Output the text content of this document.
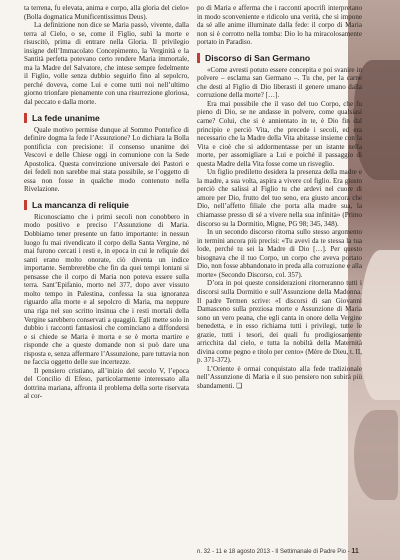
ta terrena, fu elevata, anima e corpo, alla gloria del cielo» (Bolla dogmatica Munificentissimus Deus).

La definizione non dice se Maria passò, vivente, dalla terra al Cielo, o se, come il Figlio, subì la morte e risuscitò, prima di entrare nella Gloria. Il privilegio insigne dell’Immacolato Concepimento, la Verginità e la Santità perfetta potevano certo rendere Maria immortale, ma la Madre del Salvatore, che intese sempre fedelmente il Figlio, volle senza dubbio seguirlo fino al sepolcro, perché doveva, come Lui e come tutti noi nell’ultimo giorno trionfare pienamente con una risurrezione gloriosa, dal peccato e dalla morte.

La fede unanime

Quale motivo permise dunque al Sommo Pontefice di definire dogma la fede l’Assunzione? Lo dichiara la Bolla pontificia con precisione: il consenso unanime dei Vescovi e delle Chiese oggi in comunione con la Sede Apostolica. Questa convinzione universale dei Pastori e dei fedeli non sarebbe mai stata possibile, se l’oggetto di essa non fosse in qualche modo contenuto nella Rivelazione.

La mancanza di reliquie

Riconosciamo che i primi secoli non conobbero in modo positivo e preciso l’Assunzione di Maria. Dobbiamo tener presente un fatto importante: in nessun luogo fu mai rivendicato il corpo della Santa Vergine, né mai furono cercati i resti e, in epoca in cui le reliquie dei santi erano molto onorate, ciò diventa un indice importante. Sembrerebbe che fin da quei tempi lontani si pensasse che il corpo di Maria non poteva essere sulla terra. Sant’Epifanio, morto nel 377, dopo aver vissuto molto tempo in Palestina, confessa la sua ignoranza riguardo alla morte e al sepolcro di Maria, ma neppure una riga nel suo scritto insinua che i resti mortali della Vergine sarebbero conservati a quaggiù. Egli mette solo in dubbio i racconti fantasiosi che cominciano a diffondersi e si chiede se Maria è morta e se è morta martire e risponde che a queste domande non si può dare una risposta e, senza affermare l’Assunzione, pare tuttavia non ne faccia oggetto delle sue incertezze.

Il pensiero cristiano, all’inizio del secolo V, l’epoca del Concilio di Efeso, particolarmente interessato alla dottrina mariana, affronta il problema della sorte riservata al cor-

po di Maria e afferma che i racconti apocrifi interpretano in modo sconveniente e ridicolo una verità, che si impone da sé alle anime illuminate dalla fede: il corpo di Maria non si è corrotto nella tomba: Dio lo ha miracolosamente portato in Paradiso.

Discorso di San Germano

«Come avresti potuto essere concepita e poi svanire in polvere – esclama san Germano –. Tu che, per la carne che desti al Figlio di Dio liberasti il genere umano dalla corruzione della morte? […].

Era mai possibile che il vaso del tuo Corpo, che fu pieno di Dio, se ne andasse in polvere, come qualsiasi carne? Colui, che si è annientato in te, è Dio fin dal principio e perciò Vita, che precede i secoli, ed era necessario che la Madre della Vita abitasse insieme con la Vita e cioè che si addormentasse per un istante nella morte, per assomigliare a Lui e poiché il passaggio di questa Madre della Vita fosse come un risveglio.

Un figlio prediletto desidera la presenza della madre e la madre, a sua volta, aspira a vivere col figlio. Era giusto perciò che salissi al Figlio tu che ardevi nel cuore di amore per Dio, frutto del tuo seno, era giusto ancora che Dio, nell’affetto filiale che porta alla madre sua, la chiamasse presso di sé a vivere nella sua infinità» (Primo discorso su la Dormitio, Migne, PG 98; 345, 348).

In un secondo discorso ritorna sullo stesso argomento in termini ancora più precisi: «Tu avevi da te stessa la tua lode, perché tu sei la Madre di Dio […]. Per questo bisognava che il tuo Corpo, un corpo che aveva portato Dio, non fosse abbandonato in preda alla corruzione e alla morte» (Secondo Discorso, col. 357).

D’ora in poi queste considerazioni ritorneranno tutti i discorsi sulla Dormitio e sull’Assunzione della Madonna. Il padre Termen scrive: «I discorsi di san Giovanni Damasceno sulla preziosa morte e Assunzione di Maria sono un vero peana, che egli canta in onore della Vergine benedetta, e in esso richiama tutti i privilegi, tutte le grazie, tutti i tesori, dei quali fu prodigiosamente arricchita dal cielo, e tutta la nobiltà della Maternità divina come pegno e titolo per cento» (Mère de Dieu, t. II, p. 371-372).

L’Oriente è ormai conquistato alla fede tradizionale nell’Assunzione di Maria e il suo pensiero non subirà più sbandamenti. ❏

n. 32 - 11 e 18 agosto 2013 - Il Settimanale di Padre Pio - 11
